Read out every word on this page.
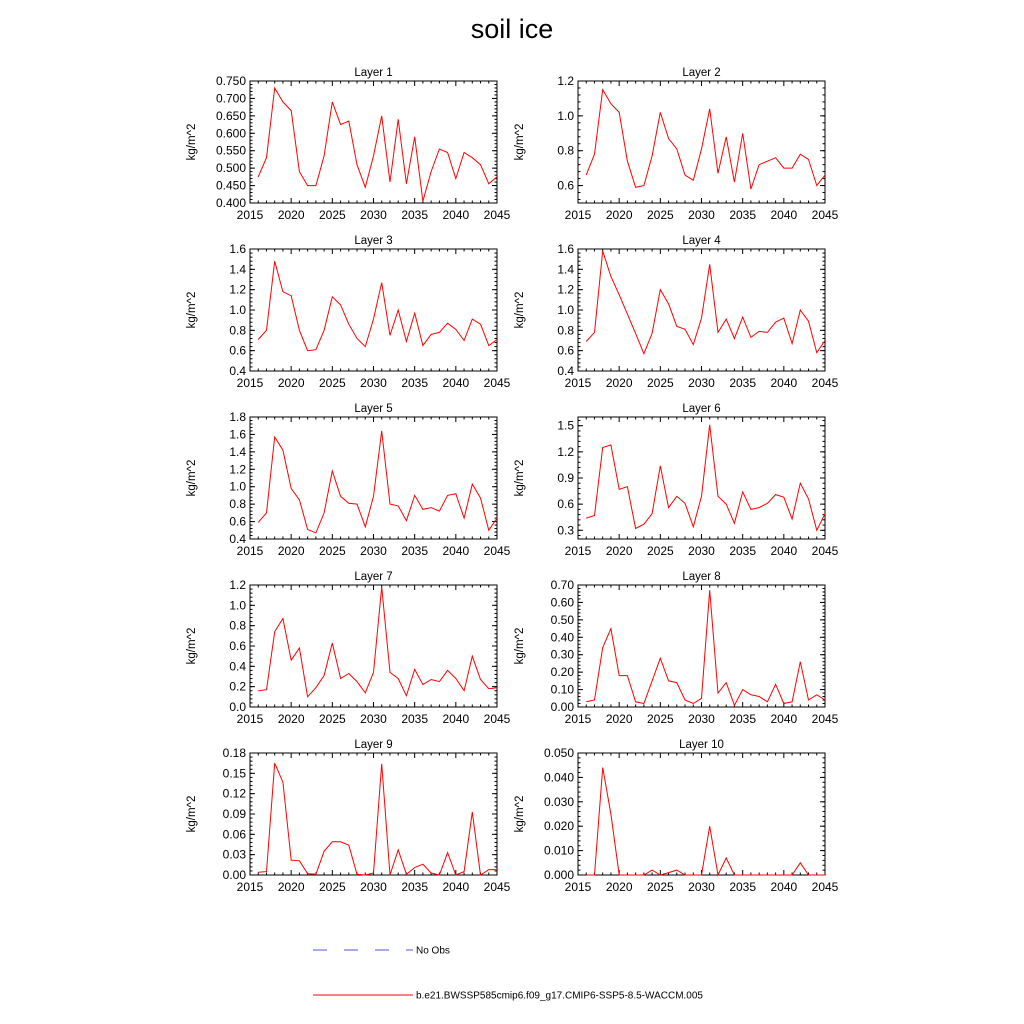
soil ice
Layer 1
kg/m^2
2015 2020 2025 2030 2035 2040 2045
0.400
0.450
0.500
0.550
0.600
0.650
0.700
0.750
Layer 2
kg/m^2
2015 2020 2025 2030 2035 2040 2045
0.6
0.8
1.0
1.2
Layer 3
kg/m^2
2015 2020 2025 2030 2035 2040 2045
0.4
0.6
0.8
1.0
1.2
1.4
1.6
Layer 4
kg/m^2
2015 2020 2025 2030 2035 2040 2045
0.4
0.6
0.8
1.0
1.2
1.4
1.6
Layer 5
kg/m^2
2015 2020 2025 2030 2035 2040 2045
0.4
0.6
0.8
1.0
1.2
1.4
1.6
1.8
Layer 6
kg/m^2
2015 2020 2025 2030 2035 2040 2045
0.3
0.6
0.9
1.2
1.5
Layer 7
kg/m^2
2015 2020 2025 2030 2035 2040 2045
0.0
0.2
0.4
0.6
0.8
1.0
1.2
Layer 8
kg/m^2
2015 2020 2025 2030 2035 2040 2045
0.00
0.10
0.20
0.30
0.40
0.50
0.60
0.70
Layer 9
kg/m^2
2015 2020 2025 2030 2035 2040 2045
0.00
0.03
0.06
0.09
0.12
0.15
0.18
Layer 10
kg/m^2
2015 2020 2025 2030 2035 2040 2045
0.000
0.010
0.020
0.030
0.040
0.050
No Obs
b.e21.BWSSP585cmip6.f09_g17.CMIP6-SSP5-8.5-WACCM.005
